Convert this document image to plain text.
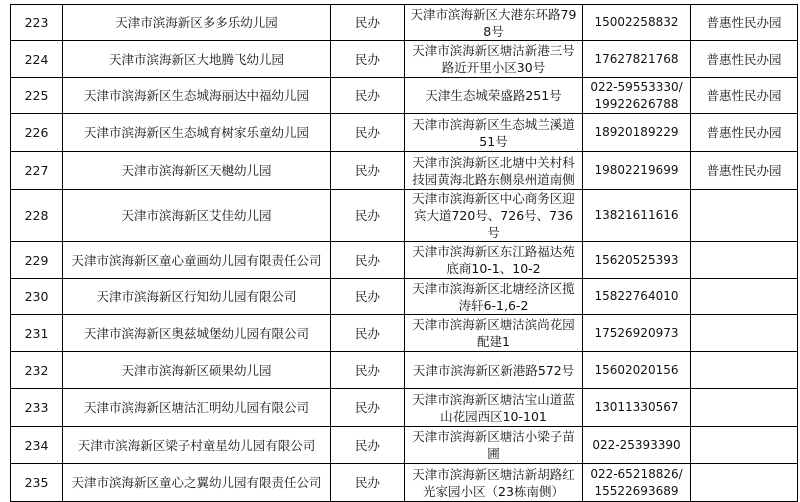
223	天津市滨海新区多多乐幼儿园	民办	天津市滨海新区大港东环路798号	15002258832	普惠性民办园
224	天津市滨海新区大地腾飞幼儿园	民办	天津市滨海新区塘沽新港三号路近开里小区30号	17627821768	普惠性民办园
225	天津市滨海新区生态城海丽达中福幼儿园	民办	天津生态城荣盛路251号	022-59553330/19922626788	普惠性民办园
226	天津市滨海新区生态城育树家乐童幼儿园	民办	天津市滨海新区生态城兰溪道51号	18920189229	普惠性民办园
227	天津市滨海新区天樾幼儿园	民办	天津市滨海新区北塘中关村科技园黄海北路东侧泉州道南侧	19802219699	普惠性民办园
228	天津市滨海新区艾佳幼儿园	民办	天津市滨海新区中心商务区迎宾大道720号、726号、736号	13821611616	
229	天津市滨海新区童心童画幼儿园有限责任公司	民办	天津市滨海新区东江路福达苑底商10-1、10-2	15620525393	
230	天津市滨海新区行知幼儿园有限公司	民办	天津市滨海新区北塘经济区揽涛轩6-1,6-2	15822764010	
231	天津市滨海新区奥兹城堡幼儿园有限公司	民办	天津市滨海新区塘沽滨尚花园配建1	17526920973	
232	天津市滨海新区硕果幼儿园	民办	天津市滨海新区新港路572号	15602020156	
233	天津市滨海新区塘沽汇明幼儿园有限公司	民办	天津市滨海新区塘沽宝山道蓝山花园西区10-101	13011330567	
234	天津市滨海新区梁子村童星幼儿园有限公司	民办	天津市滨海新区塘沽小梁子苗圃	022-25393390	
235	天津市滨海新区童心之翼幼儿园有限责任公司	民办	天津市滨海新区塘沽新胡路红光家园小区（23栋南侧）	022-65218826/15522693689	
